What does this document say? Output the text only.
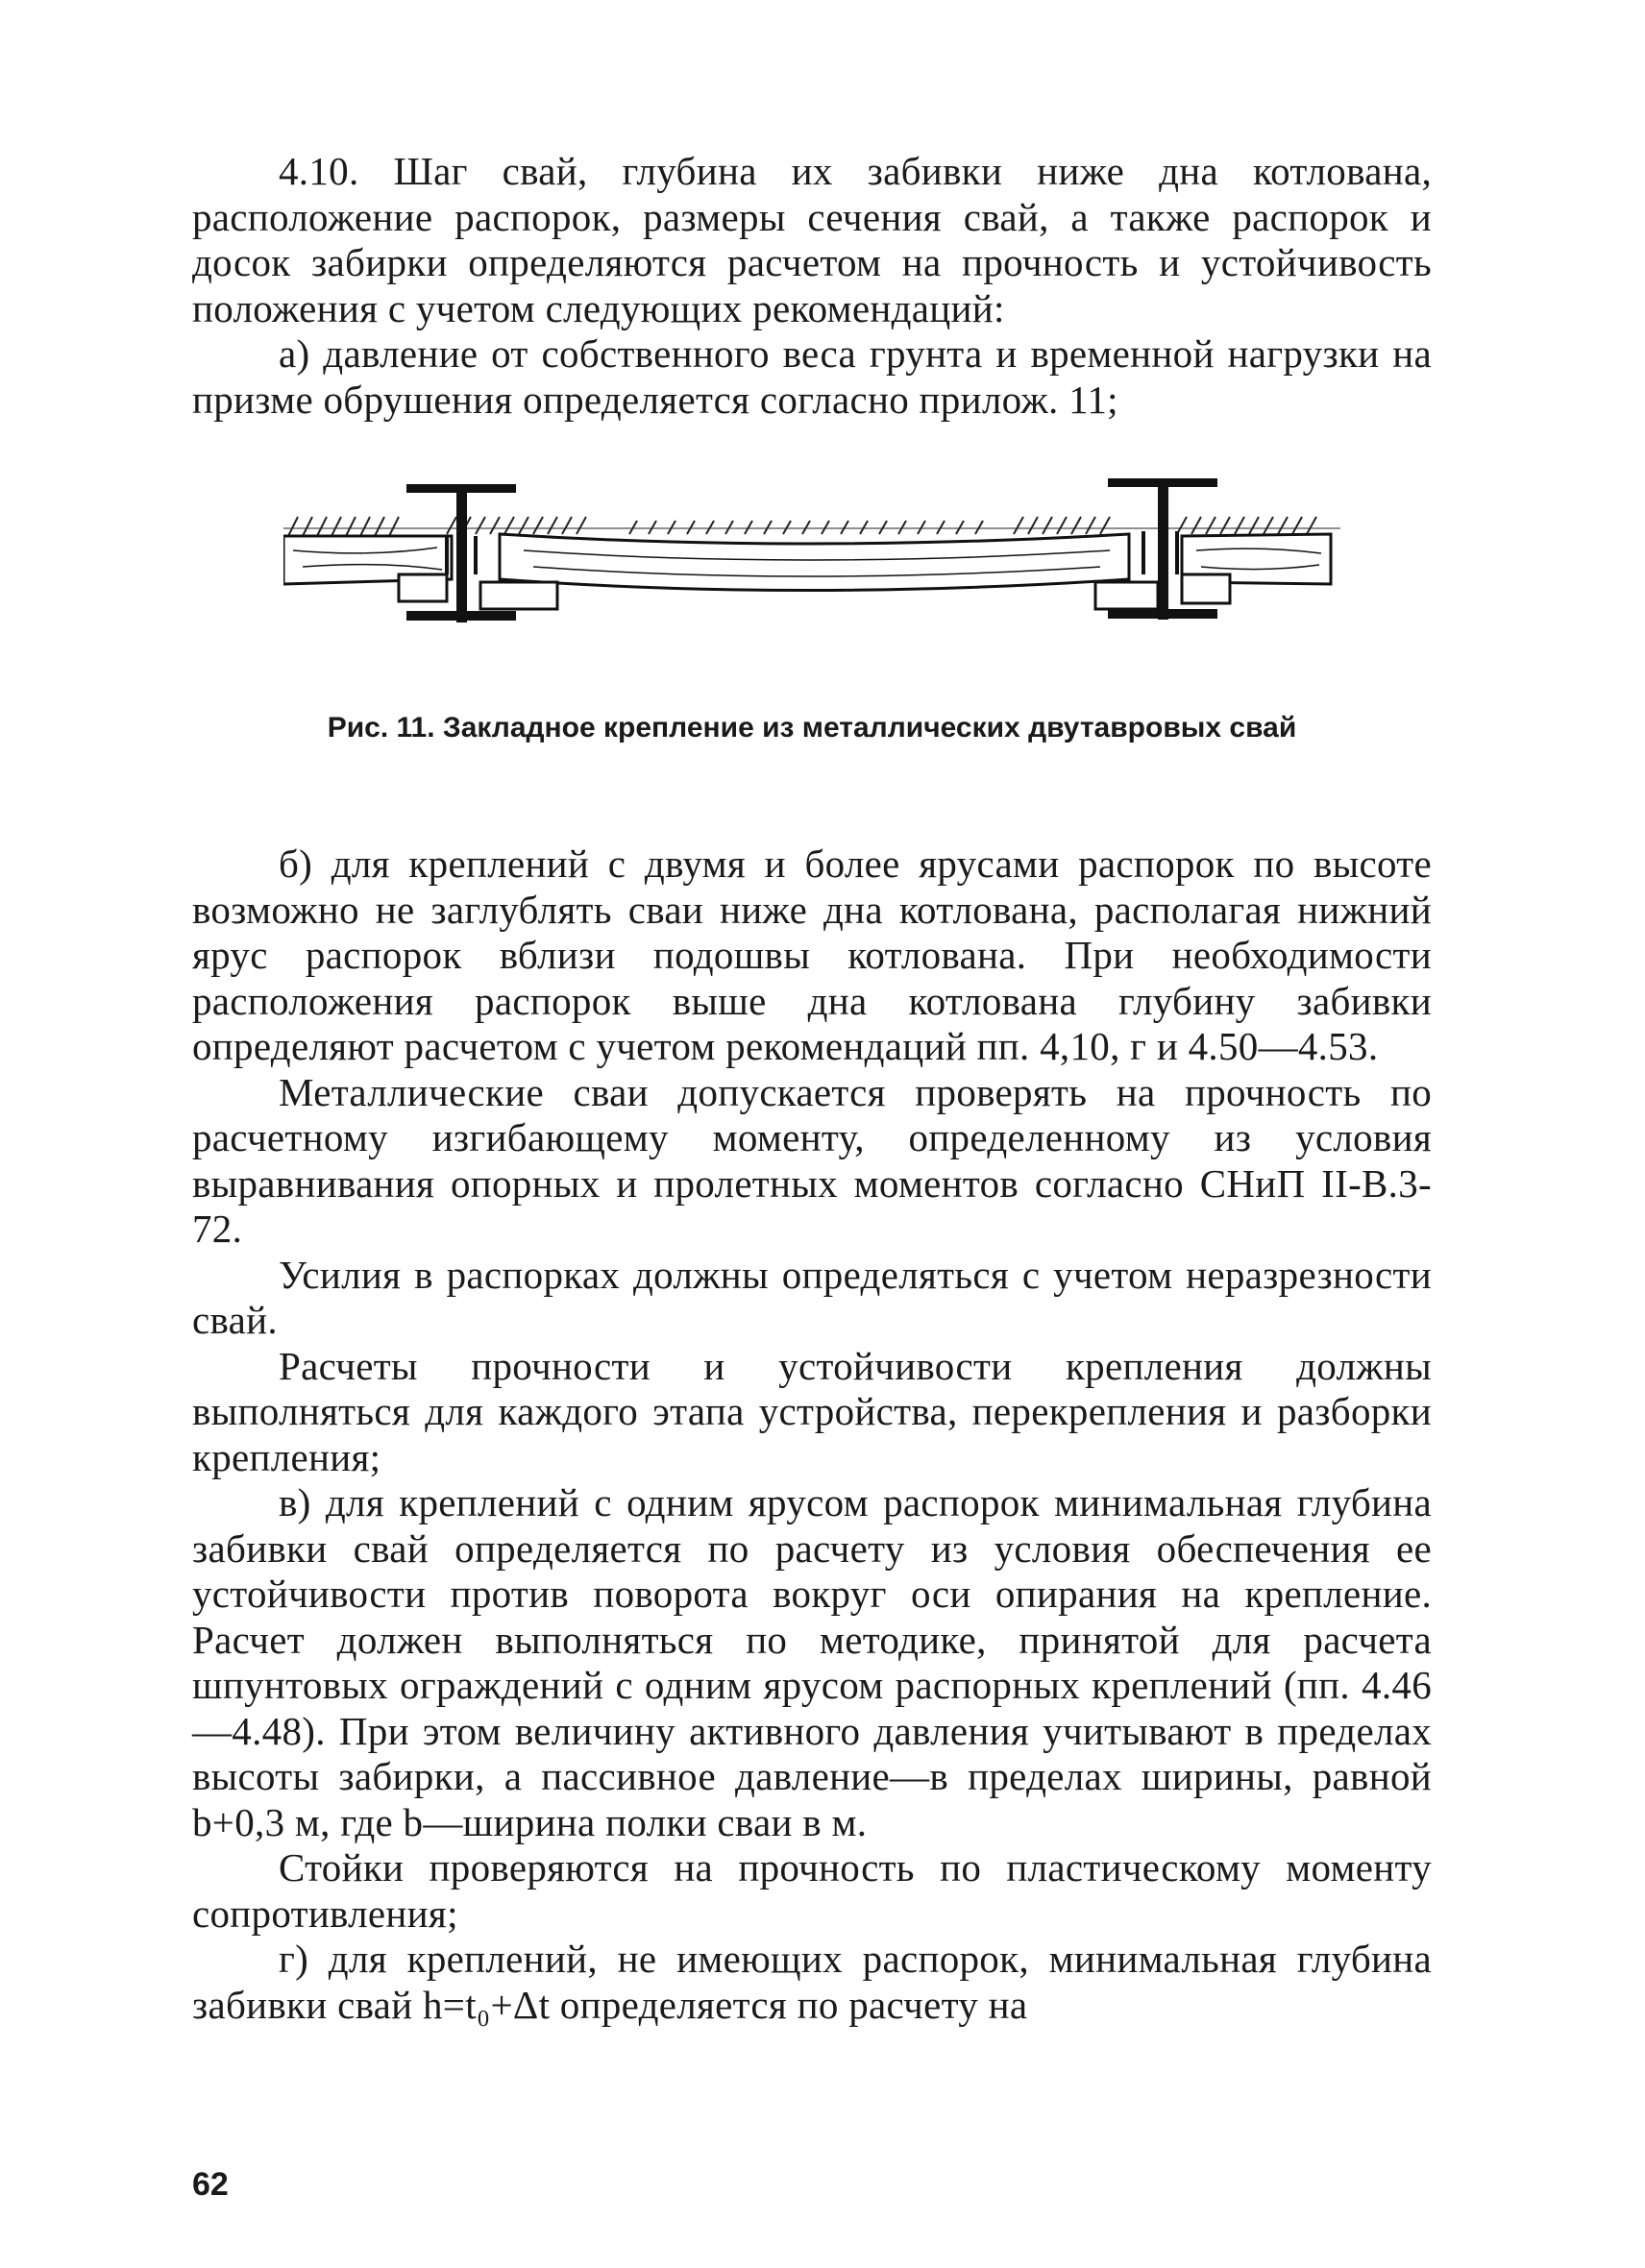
4.10. Шаг свай, глубина их забивки ниже дна котлована, расположение распорок, размеры сечения свай, а также распорок и досок забирки определяются расчетом на прочность и устойчивость положения с учетом следующих рекомендаций:

а) давление от собственного веса грунта и временной нагрузки на призме обрушения определяется согласно прилож. 11;

Рис. 11. Закладное крепление из металлических двутавровых свай

б) для креплений с двумя и более ярусами распорок по высоте возможно не заглублять сваи ниже дна котлована, располагая нижний ярус распорок вблизи подошвы котлована. При необходимости расположения распорок выше дна котлована глубину забивки определяют расчетом с учетом рекомендаций пп. 4,10, г и 4.50—4.53.

Металлические сваи допускается проверять на прочность по расчетному изгибающему моменту, определенному из условия выравнивания опорных и пролетных моментов согласно СНиП II-В.3-72.

Усилия в распорках должны определяться с учетом неразрезности свай.

Расчеты прочности и устойчивости крепления должны выполняться для каждого этапа устройства, перекрепления и разборки крепления;

в) для креплений с одним ярусом распорок минимальная глубина забивки свай определяется по расчету из условия обеспечения ее устойчивости против поворота вокруг оси опирания на крепление. Расчет должен выполняться по методике, принятой для расчета шпунтовых ограждений с одним ярусом распорных креплений (пп. 4.46—4.48). При этом величину активного давления учитывают в пределах высоты забирки, а пассивное давление—в пределах ширины, равной b+0,3 м, где b—ширина полки сваи в м.

Стойки проверяются на прочность по пластическому моменту сопротивления;

г) для креплений, не имеющих распорок, минимальная глубина забивки свай h=t₀+Δt определяется по расчету на

62
